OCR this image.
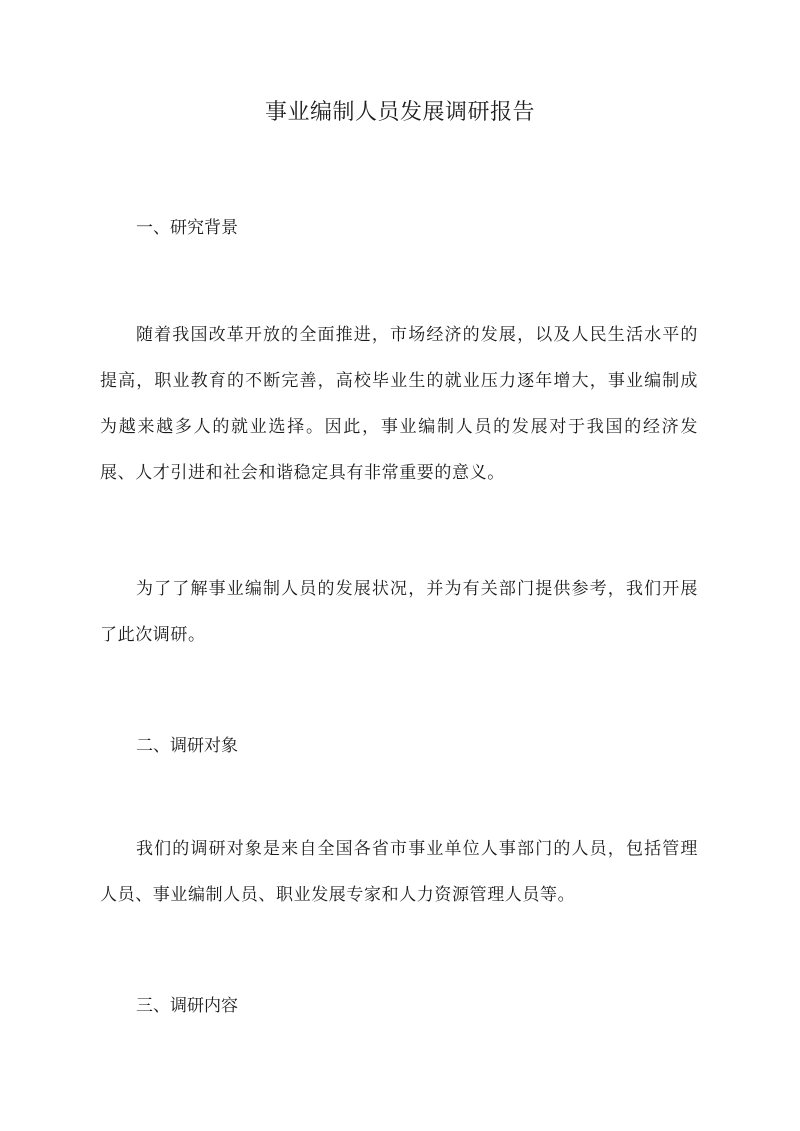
事业编制人员发展调研报告
一、研究背景

随着我国改革开放的全面推进，市场经济的发展，以及人民生活水平的提高，职业教育的不断完善，高校毕业生的就业压力逐年增大，事业编制成为越来越多人的就业选择。因此，事业编制人员的发展对于我国的经济发展、人才引进和社会和谐稳定具有非常重要的意义。

为了了解事业编制人员的发展状况，并为有关部门提供参考，我们开展了此次调研。

二、调研对象

我们的调研对象是来自全国各省市事业单位人事部门的人员，包括管理人员、事业编制人员、职业发展专家和人力资源管理人员等。

三、调研内容
